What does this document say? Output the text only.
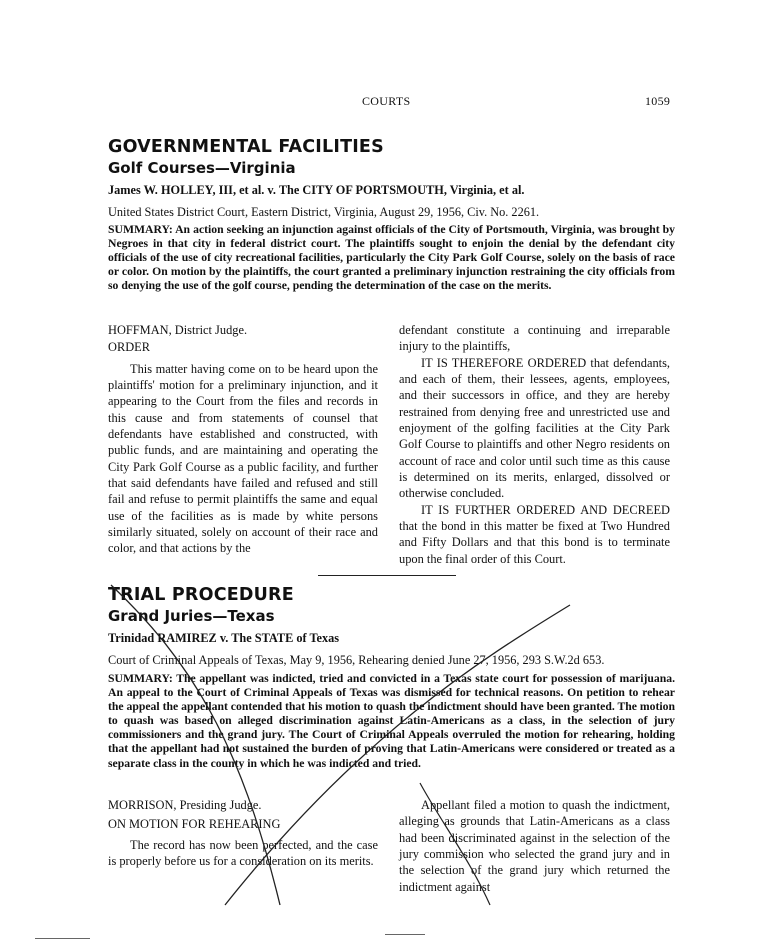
COURTS	1059
GOVERNMENTAL FACILITIES
Golf Courses—Virginia
James W. HOLLEY, III, et al. v. The CITY OF PORTSMOUTH, Virginia, et al.
United States District Court, Eastern District, Virginia, August 29, 1956, Civ. No. 2261.
SUMMARY: An action seeking an injunction against officials of the City of Portsmouth, Virginia, was brought by Negroes in that city in federal district court. The plaintiffs sought to enjoin the denial by the defendant city officials of the use of city recreational facilities, particularly the City Park Golf Course, solely on the basis of race or color. On motion by the plaintiffs, the court granted a preliminary injunction restraining the city officials from so denying the use of the golf course, pending the determination of the case on the merits.

HOFFMAN, District Judge.

ORDER

This matter having come on to be heard upon the plaintiffs' motion for a preliminary injunction, and it appearing to the Court from the files and records in this cause and from statements of counsel that defendants have established and constructed, with public funds, and are maintaining and operating the City Park Golf Course as a public facility, and further that said defendants have failed and refused and still fail and refuse to permit plaintiffs the same and equal use of the facilities as is made by white persons similarly situated, solely on account of their race and color, and that actions by the

defendant constitute a continuing and irreparable injury to the plaintiffs,

IT IS THEREFORE ORDERED that defendants, and each of them, their lessees, agents, employees, and their successors in office, and they are hereby restrained from denying free and unrestricted use and enjoyment of the golfing facilities at the City Park Golf Course to plaintiffs and other Negro residents on account of race and color until such time as this cause is determined on its merits, enlarged, dissolved or otherwise concluded.

IT IS FURTHER ORDERED AND DECREED that the bond in this matter be fixed at Two Hundred and Fifty Dollars and that this bond is to terminate upon the final order of this Court.

TRIAL PROCEDURE
Grand Juries—Texas
Trinidad RAMIREZ v. The STATE of Texas
Court of Criminal Appeals of Texas, May 9, 1956, Rehearing denied June 27, 1956, 293 S.W.2d 653.
SUMMARY: The appellant was indicted, tried and convicted in a Texas state court for possession of marijuana. An appeal to the Court of Criminal Appeals of Texas was dismissed for technical reasons. On petition to rehear the appeal the appellant contended that his motion to quash the indictment should have been granted. The motion to quash was based on alleged discrimination against Latin-Americans as a class, in the selection of jury commissioners and the grand jury. The Court of Criminal Appeals overruled the motion for rehearing, holding that the appellant had not sustained the burden of proving that Latin-Americans were considered or treated as a separate class in the county in which he was indicted and tried.

MORRISON, Presiding Judge.

ON MOTION FOR REHEARING

The record has now been perfected, and the case is properly before us for a consideration on its merits.

Appellant filed a motion to quash the indictment, alleging as grounds that Latin-Americans as a class had been discriminated against in the selection of the jury commission who selected the grand jury and in the selection of the grand jury which returned the indictment against
